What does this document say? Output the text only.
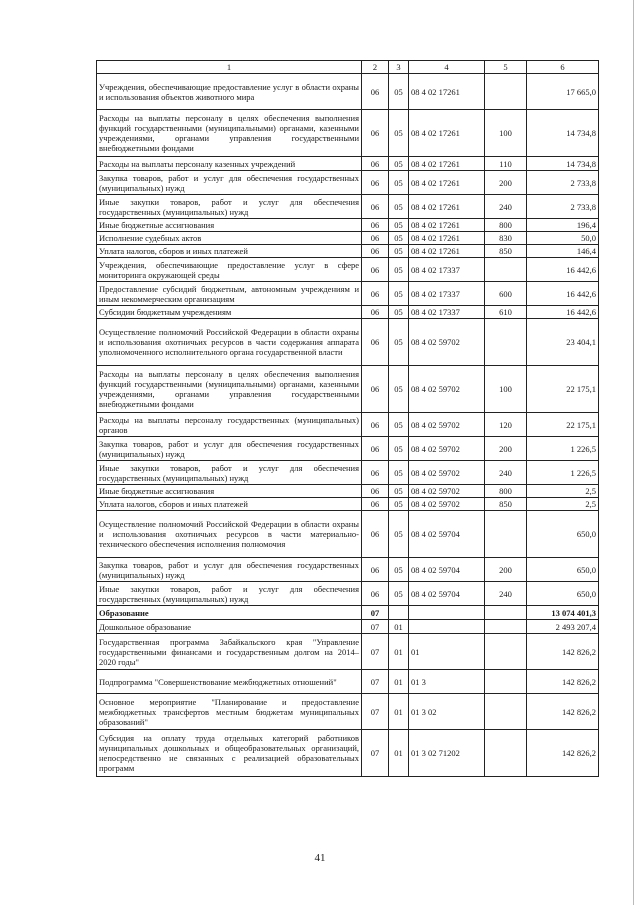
1	2	3	4	5	6
Учреждения, обеспечивающие предоставление услуг в области охраны и использования объектов животного мира	06	05	08 4 02 17261		17 665,0
Расходы на выплаты персоналу в целях обеспечения выполнения функций государственными (муниципальными) органами, казенными учреждениями, органами управления государственными внебюджетными фондами	06	05	08 4 02 17261	100	14 734,8
Расходы на выплаты персоналу казенных учреждений	06	05	08 4 02 17261	110	14 734,8
Закупка товаров, работ и услуг для обеспечения государственных (муниципальных) нужд	06	05	08 4 02 17261	200	2 733,8
Иные закупки товаров, работ и услуг для обеспечения государственных (муниципальных) нужд	06	05	08 4 02 17261	240	2 733,8
Иные бюджетные ассигнования	06	05	08 4 02 17261	800	196,4
Исполнение судебных актов	06	05	08 4 02 17261	830	50,0
Уплата налогов, сборов и иных платежей	06	05	08 4 02 17261	850	146,4
Учреждения, обеспечивающие предоставление услуг в сфере мониторинга окружающей среды	06	05	08 4 02 17337		16 442,6
Предоставление субсидий бюджетным, автономным учреждениям и иным некоммерческим организациям	06	05	08 4 02 17337	600	16 442,6
Субсидии бюджетным учреждениям	06	05	08 4 02 17337	610	16 442,6
Осуществление полномочий Российской Федерации в области охраны и использования охотничьих ресурсов в части содержания аппарата уполномоченного исполнительного органа государственной власти	06	05	08 4 02 59702		23 404,1
Расходы на выплаты персоналу в целях обеспечения выполнения функций государственными (муниципальными) органами, казенными учреждениями, органами управления государственными внебюджетными фондами	06	05	08 4 02 59702	100	22 175,1
Расходы на выплаты персоналу государственных (муниципальных) органов	06	05	08 4 02 59702	120	22 175,1
Закупка товаров, работ и услуг для обеспечения государственных (муниципальных) нужд	06	05	08 4 02 59702	200	1 226,5
Иные закупки товаров, работ и услуг для обеспечения государственных (муниципальных) нужд	06	05	08 4 02 59702	240	1 226,5
Иные бюджетные ассигнования	06	05	08 4 02 59702	800	2,5
Уплата налогов, сборов и иных платежей	06	05	08 4 02 59702	850	2,5
Осуществление полномочий Российской Федерации в области охраны и использования охотничьих ресурсов в части материально-технического обеспечения исполнения полномочия	06	05	08 4 02 59704		650,0
Закупка товаров, работ и услуг для обеспечения государственных (муниципальных) нужд	06	05	08 4 02 59704	200	650,0
Иные закупки товаров, работ и услуг для обеспечения государственных (муниципальных) нужд	06	05	08 4 02 59704	240	650,0
Образование	07				13 074 401,3
Дошкольное образование	07	01			2 493 207,4
Государственная программа Забайкальского края "Управление государственными финансами и государственным долгом на 2014–2020 годы"	07	01	01		142 826,2
Подпрограмма "Совершенствование межбюджетных отношений"	07	01	01 3		142 826,2
Основное мероприятие "Планирование и предоставление межбюджетных трансфертов местным бюджетам муниципальных образований"	07	01	01 3 02		142 826,2
Субсидия на оплату труда отдельных категорий работников муниципальных дошкольных и общеобразовательных организаций, непосредственно не связанных с реализацией образовательных программ	07	01	01 3 02 71202		142 826,2
41
